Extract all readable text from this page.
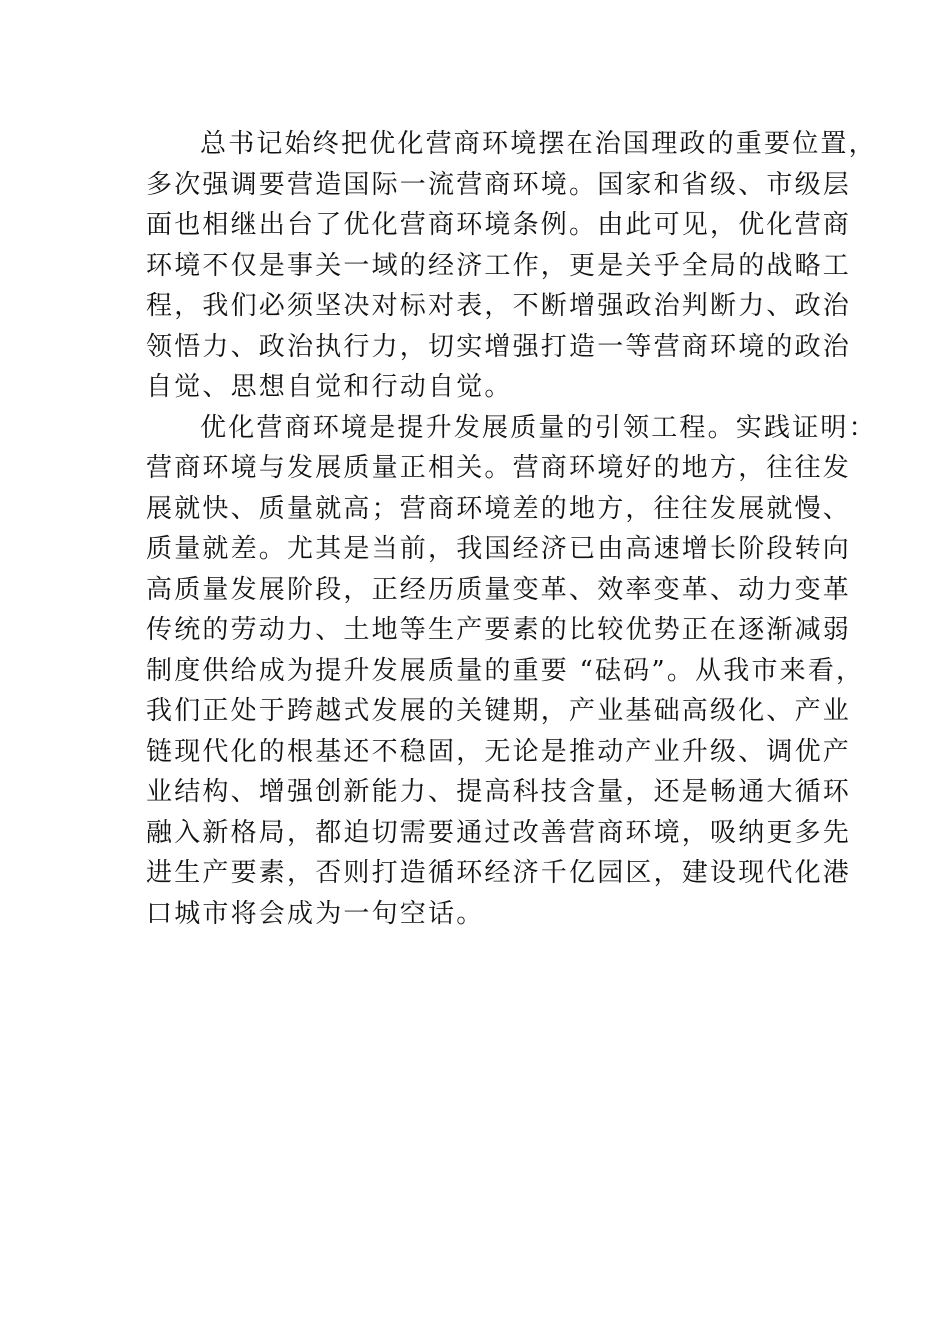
总书记始终把优化营商环境摆在治国理政的重要位置，
多次强调要营造国际一流营商环境。国家和省级、市级层
面也相继出台了优化营商环境条例。由此可见，优化营商
环境不仅是事关一域的经济工作，更是关乎全局的战略工
程，我们必须坚决对标对表，不断增强政治判断力、政治
领悟力、政治执行力，切实增强打造一等营商环境的政治
自觉、思想自觉和行动自觉。
优化营商环境是提升发展质量的引领工程。实践证明：
营商环境与发展质量正相关。营商环境好的地方，往往发
展就快、质量就高；营商环境差的地方，往往发展就慢、
质量就差。尤其是当前，我国经济已由高速增长阶段转向
高质量发展阶段，正经历质量变革、效率变革、动力变革
传统的劳动力、土地等生产要素的比较优势正在逐渐减弱
制度供给成为提升发展质量的重要 “砝码”。从我市来看，
我们正处于跨越式发展的关键期，产业基础高级化、产业
链现代化的根基还不稳固，无论是推动产业升级、调优产
业结构、增强创新能力、提高科技含量，还是畅通大循环
融入新格局，都迫切需要通过改善营商环境，吸纳更多先
进生产要素，否则打造循环经济千亿园区，建设现代化港
口城市将会成为一句空话。
